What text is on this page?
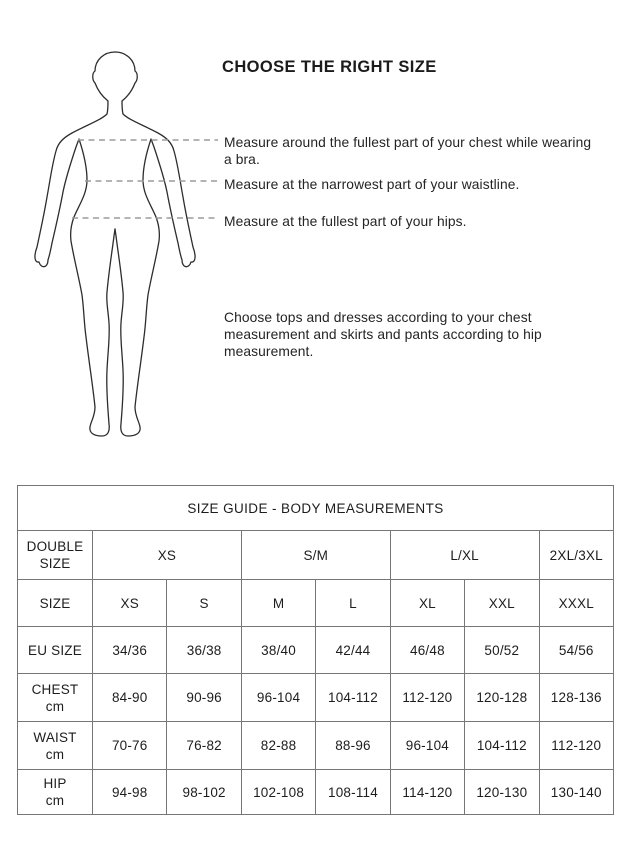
CHOOSE THE RIGHT SIZE

Measure around the fullest part of your chest while wearing a bra.

Measure at the narrowest part of your waistline.

Measure at the fullest part of your hips.

Choose tops and dresses according to your chest measurement and skirts and pants according to hip measurement.

SIZE GUIDE - BODY MEASUREMENTS							
DOUBLE SIZE	XS		S/M		L/XL		2XL/3XL
SIZE	XS	S	M	L	XL	XXL	XXXL
EU SIZE	34/36	36/38	38/40	42/44	46/48	50/52	54/56
CHEST
cm	84-90	90-96	96-104	104-112	112-120	120-128	128-136
WAIST
cm	70-76	76-82	82-88	88-96	96-104	104-112	112-120
HIP
cm	94-98	98-102	102-108	108-114	114-120	120-130	130-140
